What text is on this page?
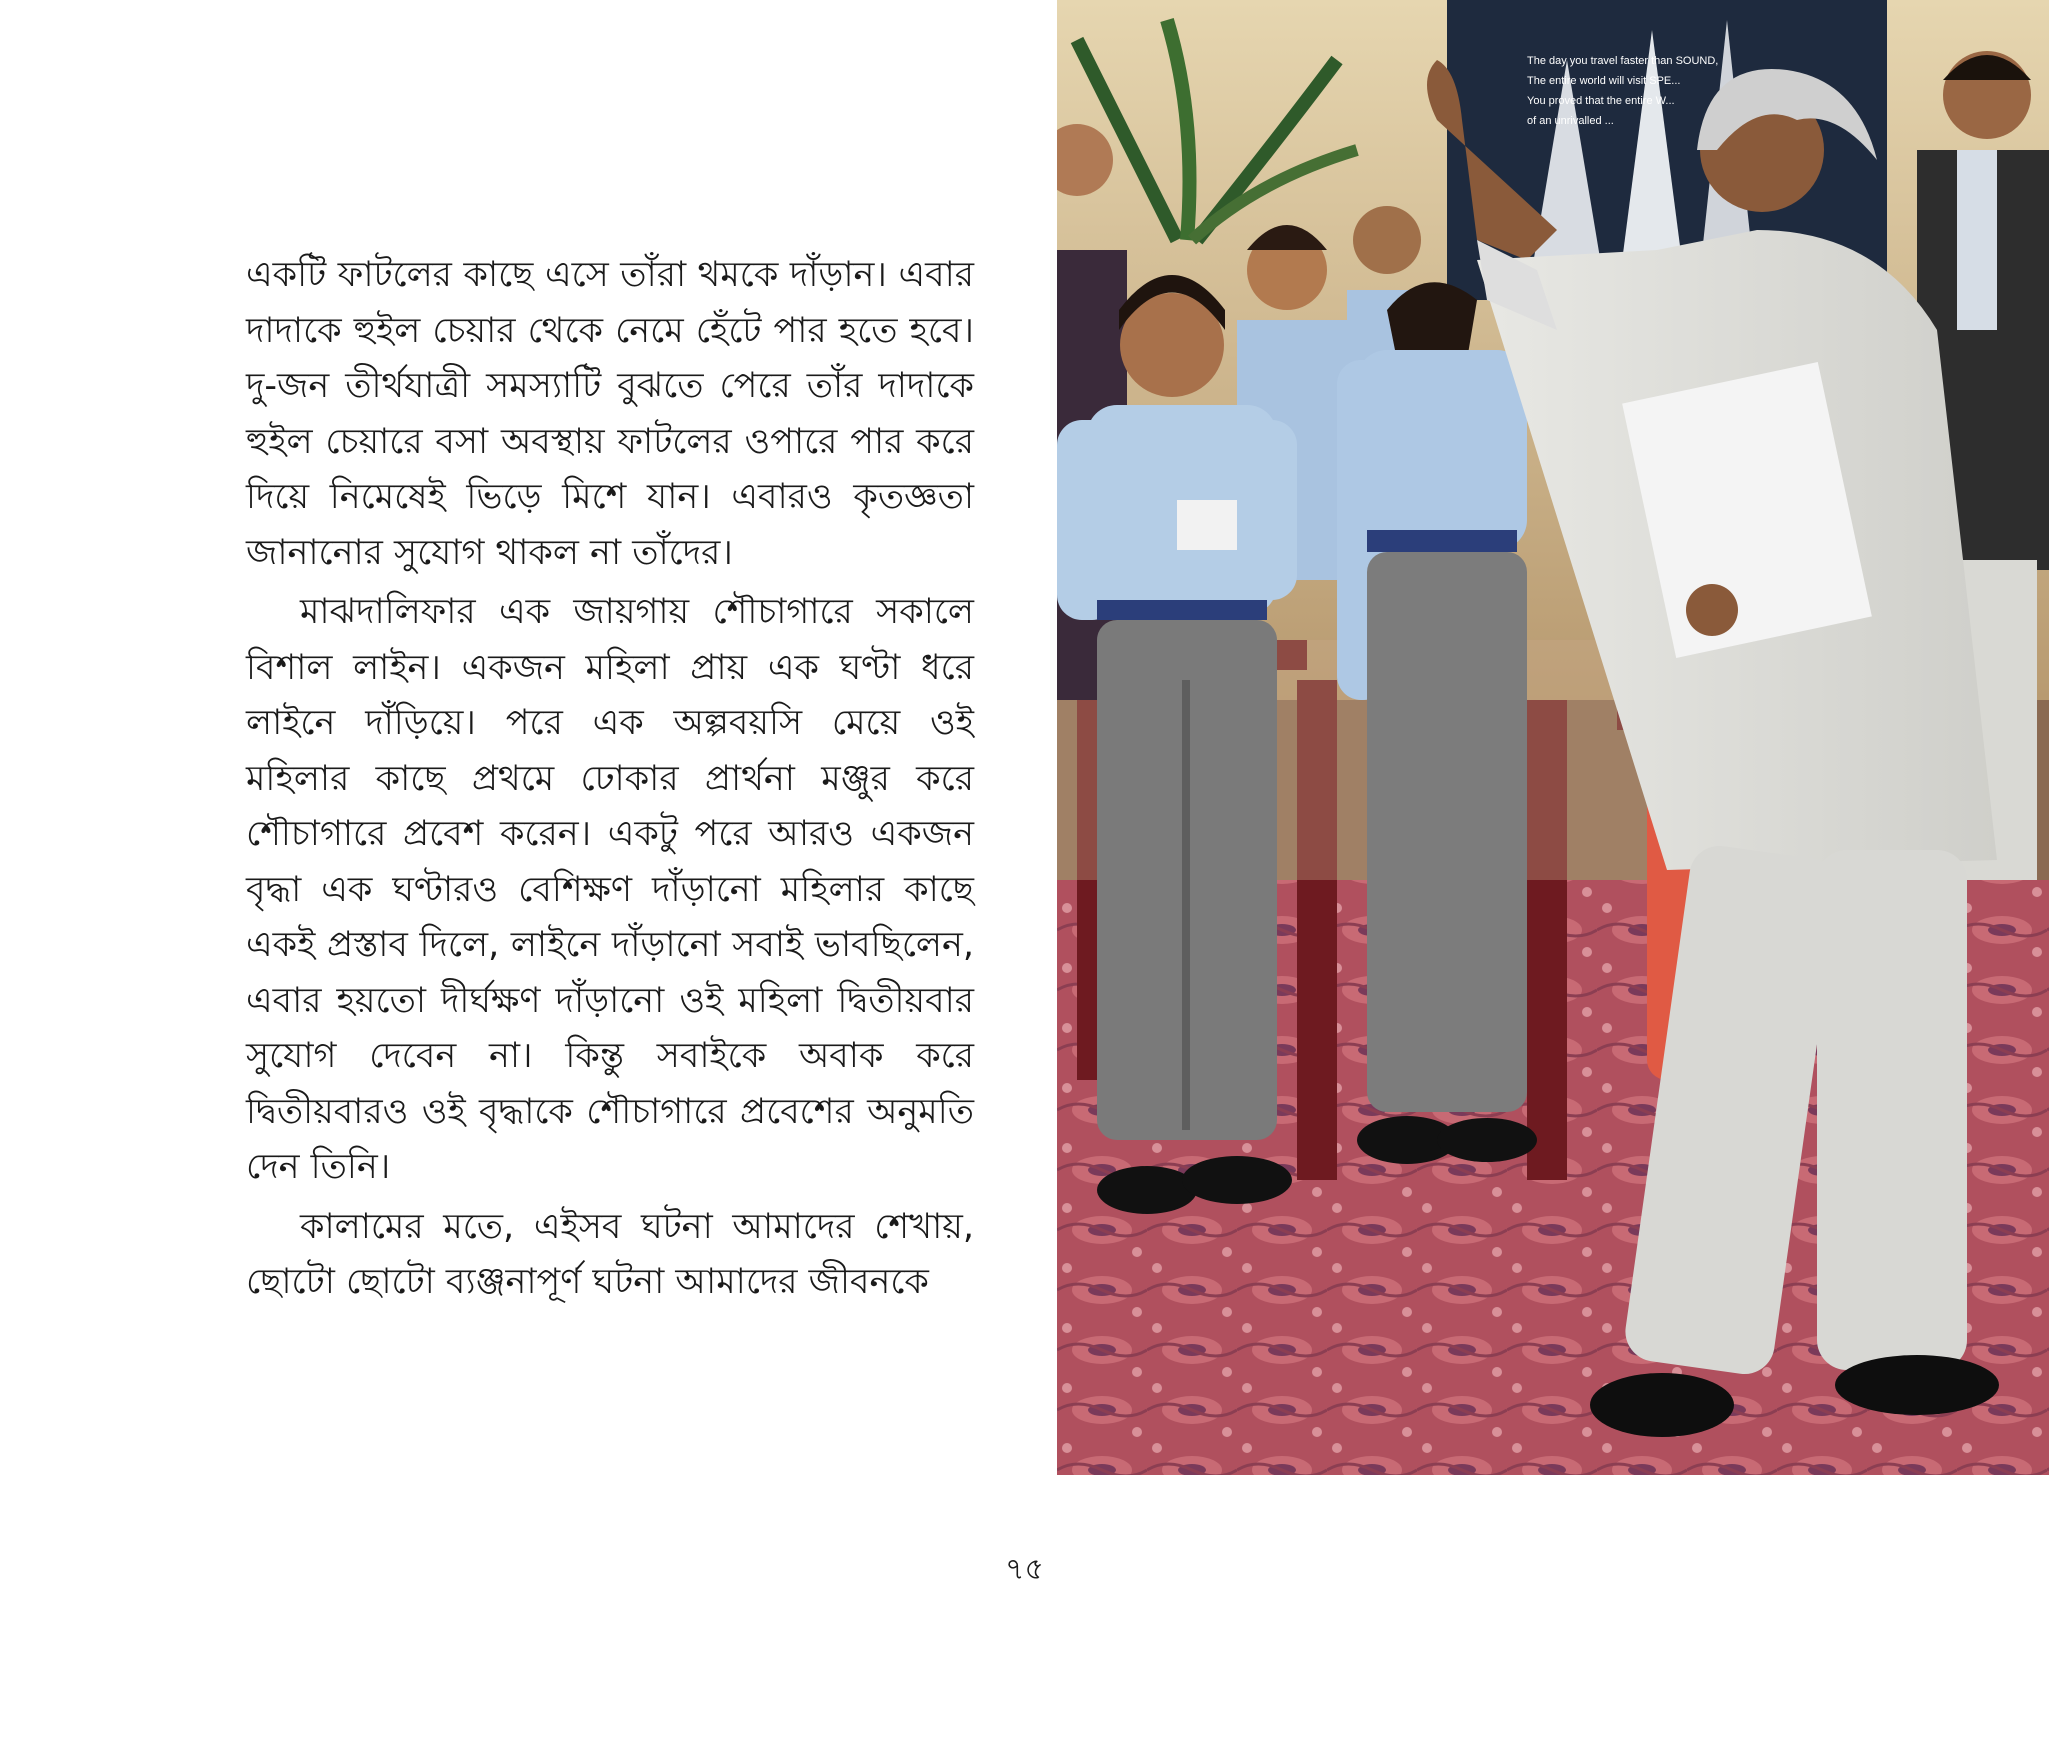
একটি ফাটলের কাছে এসে তাঁরা থমকে দাঁড়ান। এবার দাদাকে হুইল চেয়ার থেকে নেমে হেঁটে পার হতে হবে। দু-জন তীর্থযাত্রী সমস্যাটি বুঝতে পেরে তাঁর দাদাকে হুইল চেয়ারে বসা অবস্থায় ফাটলের ওপারে পার করে দিয়ে নিমেষেই ভিড়ে মিশে যান। এবারও কৃতজ্ঞতা জানানোর সুযোগ থাকল না তাঁদের।

মাঝদালিফার এক জায়গায় শৌচাগারে সকালে বিশাল লাইন। একজন মহিলা প্রায় এক ঘণ্টা ধরে লাইনে দাঁড়িয়ে। পরে এক অল্পবয়সি মেয়ে ওই মহিলার কাছে প্রথমে ঢোকার প্রার্থনা মঞ্জুর করে শৌচাগারে প্রবেশ করেন। একটু পরে আরও একজন বৃদ্ধা এক ঘণ্টারও বেশিক্ষণ দাঁড়ানো মহিলার কাছে একই প্রস্তাব দিলে, লাইনে দাঁড়ানো সবাই ভাবছিলেন, এবার হয়তো দীর্ঘক্ষণ দাঁড়ানো ওই মহিলা দ্বিতীয়বার সুযোগ দেবেন না। কিন্তু সবাইকে অবাক করে দ্বিতীয়বারও ওই বৃদ্ধাকে শৌচাগারে প্রবেশের অনুমতি দেন তিনি।

কালামের মতে, এইসব ঘটনা আমাদের শেখায়, ছোটো ছোটো ব্যঞ্জনাপূর্ণ ঘটনা আমাদের জীবনকে

The day you travel faster than SOUND,
The entire world will visit SPE...
You proved that the entire W...
of an unrivalled ...
৭৫
